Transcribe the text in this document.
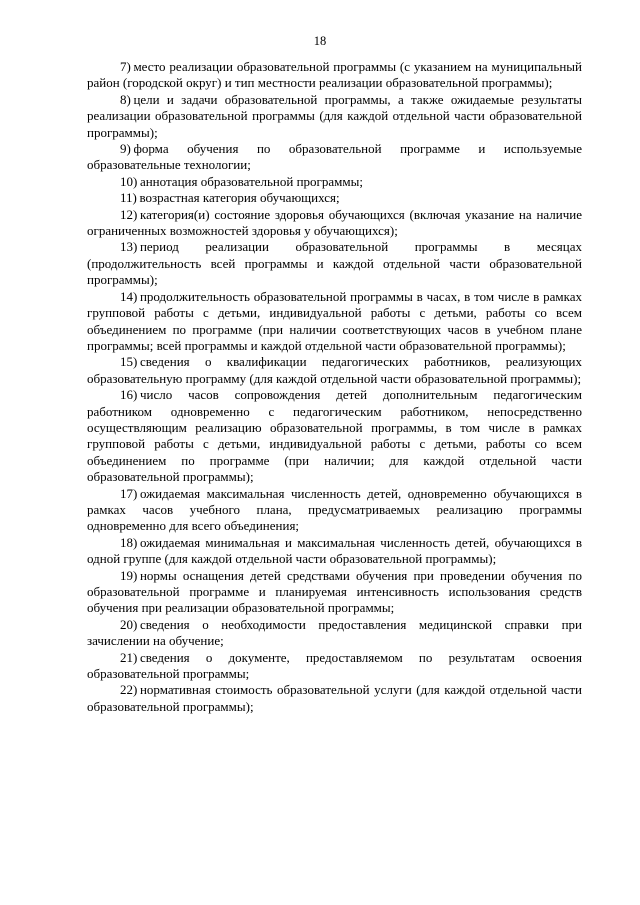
18

7)  место реализации образовательной программы (с указанием на муниципальный район (городской округ) и тип местности реализации образовательной программы);

8)  цели и задачи образовательной программы, а также ожидаемые результаты реализации образовательной программы (для каждой отдельной части образовательной программы);

9)  форма обучения по образовательной программе и используемые образовательные технологии;

10)  аннотация образовательной программы;

11)  возрастная категория обучающихся;

12)  категория(и) состояние здоровья обучающихся (включая указание на наличие ограниченных возможностей здоровья у обучающихся);

13)  период реализации образовательной программы в месяцах (продолжительность всей программы и каждой отдельной части образовательной программы);

14)  продолжительность образовательной программы в часах, в том числе в рамках групповой работы с детьми, индивидуальной работы с детьми, работы со всем объединением по программе (при наличии соответствующих часов в учебном плане программы; всей программы и каждой отдельной части образовательной программы);

15)  сведения о квалификации педагогических работников, реализующих образовательную программу (для каждой отдельной части образовательной программы);

16)  число часов сопровождения детей дополнительным педагогическим работником одновременно с педагогическим работником, непосредственно осуществляющим реализацию образовательной программы, в том числе в рамках групповой работы с детьми, индивидуальной работы с детьми, работы со всем объединением по программе (при наличии; для каждой отдельной части образовательной программы);

17)  ожидаемая максимальная численность детей, одновременно обучающихся в рамках часов учебного плана, предусматриваемых реализацию программы одновременно для всего объединения;

18)  ожидаемая минимальная и максимальная численность детей, обучающихся в одной группе (для каждой отдельной части образовательной программы);

19)  нормы оснащения детей средствами обучения при проведении обучения по образовательной программе и планируемая интенсивность использования средств обучения при реализации образовательной программы;

20)  сведения о необходимости предоставления медицинской справки при зачислении на обучение;

21)  сведения о документе, предоставляемом по результатам освоения образовательной программы;

22)  нормативная стоимость образовательной услуги (для каждой отдельной части образовательной программы);
